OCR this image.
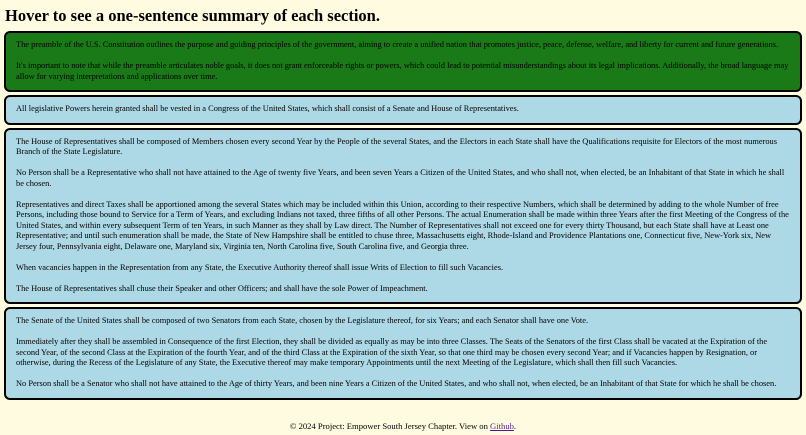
Hover to see a one-sentence summary of each section.

The preamble of the U.S. Constitution outlines the purpose and guiding principles of the government, aiming to create a unified nation that promotes justice, peace, defense, welfare, and liberty for current and future generations.

It's important to note that while the preamble articulates noble goals, it does not grant enforceable rights or powers, which could lead to potential misunderstandings about its legal implications. Additionally, the broad language may allow for varying interpretations and applications over time.

All legislative Powers herein granted shall be vested in a Congress of the United States, which shall consist of a Senate and House of Representatives.

The House of Representatives shall be composed of Members chosen every second Year by the People of the several States, and the Electors in each State shall have the Qualifications requisite for Electors of the most numerous Branch of the State Legislature.

No Person shall be a Representative who shall not have attained to the Age of twenty five Years, and been seven Years a Citizen of the United States, and who shall not, when elected, be an Inhabitant of that State in which he shall be chosen.

Representatives and direct Taxes shall be apportioned among the several States which may be included within this Union, according to their respective Numbers, which shall be determined by adding to the whole Number of free Persons, including those bound to Service for a Term of Years, and excluding Indians not taxed, three fifths of all other Persons. The actual Enumeration shall be made within three Years after the first Meeting of the Congress of the United States, and within every subsequent Term of ten Years, in such Manner as they shall by Law direct. The Number of Representatives shall not exceed one for every thirty Thousand, but each State shall have at Least one Representative; and until such enumeration shall be made, the State of New Hampshire shall be entitled to chuse three, Massachusetts eight, Rhode-Island and Providence Plantations one, Connecticut five, New-York six, New Jersey four, Pennsylvania eight, Delaware one, Maryland six, Virginia ten, North Carolina five, South Carolina five, and Georgia three.

When vacancies happen in the Representation from any State, the Executive Authority thereof shall issue Writs of Election to fill such Vacancies.

The House of Representatives shall chuse their Speaker and other Officers; and shall have the sole Power of Impeachment.

The Senate of the United States shall be composed of two Senators from each State, chosen by the Legislature thereof, for six Years; and each Senator shall have one Vote.

Immediately after they shall be assembled in Consequence of the first Election, they shall be divided as equally as may be into three Classes. The Seats of the Senators of the first Class shall be vacated at the Expiration of the second Year, of the second Class at the Expiration of the fourth Year, and of the third Class at the Expiration of the sixth Year, so that one third may be chosen every second Year; and if Vacancies happen by Resignation, or otherwise, during the Recess of the Legislature of any State, the Executive thereof may make temporary Appointments until the next Meeting of the Legislature, which shall then fill such Vacancies.

No Person shall be a Senator who shall not have attained to the Age of thirty Years, and been nine Years a Citizen of the United States, and who shall not, when elected, be an Inhabitant of that State for which he shall be chosen.

© 2024 Project: Empower South Jersey Chapter. View on Github.
